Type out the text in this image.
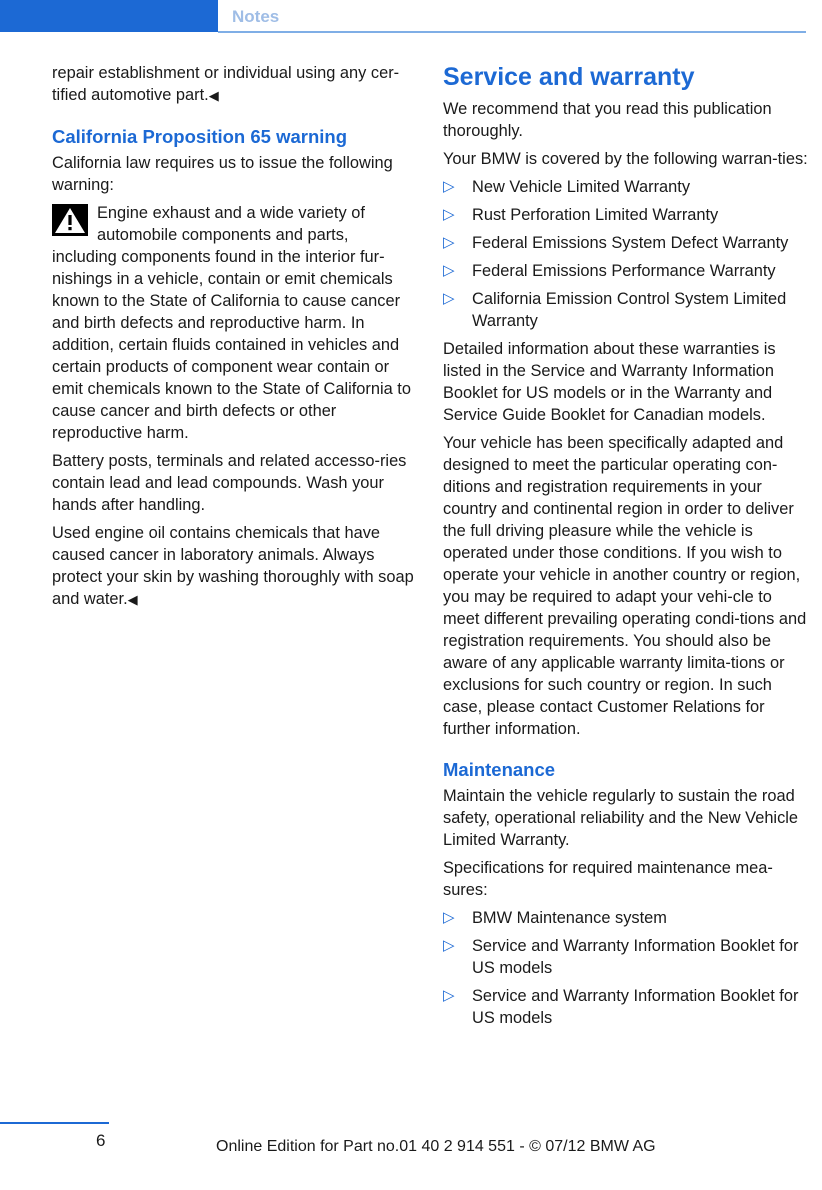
Notes

repair establishment or individual using any cer-tified automotive part.◀

California Proposition 65 warning

California law requires us to issue the following warning:

Engine exhaust and a wide variety of automobile components and parts, including components found in the interior fur-nishings in a vehicle, contain or emit chemicals known to the State of California to cause cancer and birth defects and reproductive harm. In addition, certain fluids contained in vehicles and certain products of component wear contain or emit chemicals known to the State of California to cause cancer and birth defects or other reproductive harm.

Battery posts, terminals and related accesso-ries contain lead and lead compounds. Wash your hands after handling.

Used engine oil contains chemicals that have caused cancer in laboratory animals. Always protect your skin by washing thoroughly with soap and water.◀

Service and warranty

We recommend that you read this publication thoroughly.

Your BMW is covered by the following warran-ties:

▷ New Vehicle Limited Warranty
▷ Rust Perforation Limited Warranty
▷ Federal Emissions System Defect Warranty
▷ Federal Emissions Performance Warranty
▷ California Emission Control System Limited Warranty

Detailed information about these warranties is listed in the Service and Warranty Information Booklet for US models or in the Warranty and Service Guide Booklet for Canadian models.

Your vehicle has been specifically adapted and designed to meet the particular operating con-ditions and registration requirements in your country and continental region in order to deliver the full driving pleasure while the vehicle is operated under those conditions. If you wish to operate your vehicle in another country or region, you may be required to adapt your vehi-cle to meet different prevailing operating condi-tions and registration requirements. You should also be aware of any applicable warranty limita-tions or exclusions for such country or region. In such case, please contact Customer Relations for further information.

Maintenance

Maintain the vehicle regularly to sustain the road safety, operational reliability and the New Vehicle Limited Warranty.

Specifications for required maintenance mea-sures:

▷ BMW Maintenance system
▷ Service and Warranty Information Booklet for US models
▷ Service and Warranty Information Booklet for US models
6	Online Edition for Part no.01 40 2 914 551 - © 07/12 BMW AG
